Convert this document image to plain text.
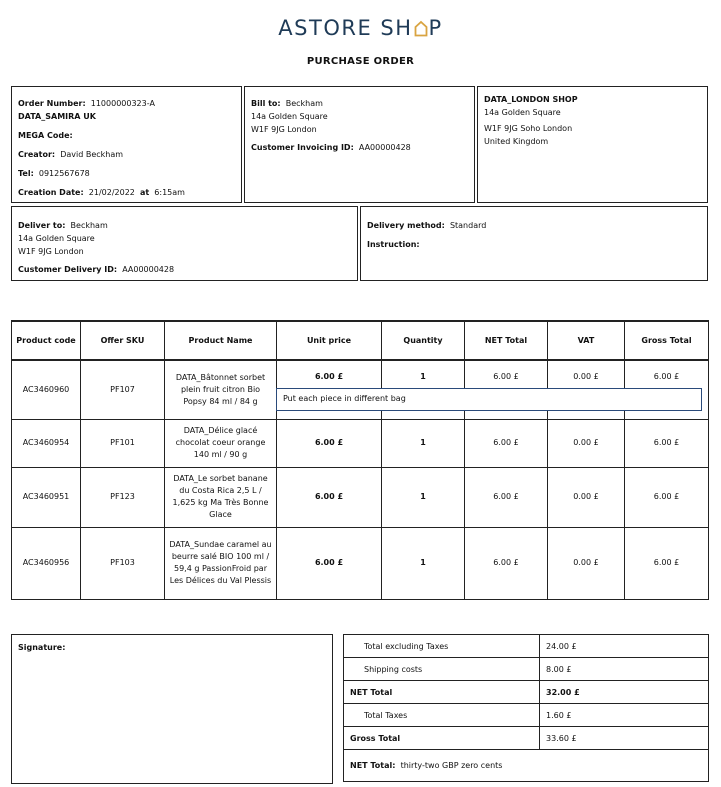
ASTORE SH P
PURCHASE ORDER
Order Number: 11000000323-A
DATA_SAMIRA UK
MEGA Code:
Creator: David Beckham
Tel: 0912567678
Creation Date: 21/02/2022 at 6:15am
Bill to: Beckham
14a Golden Square
W1F 9JG London
Customer Invoicing ID: AA00000428
DATA_LONDON SHOP
14a Golden Square
W1F 9JG Soho London
United Kingdom
Deliver to: Beckham
14a Golden Square
W1F 9JG London
Customer Delivery ID: AA00000428
Delivery method: Standard
Instruction:
Product code	Offer SKU	Product Name	Unit price	Quantity	NET Total	VAT	Gross Total
AC3460960	PF107	DATA_Bâtonnet sorbet plein fruit citron Bio Popsy 84 ml / 84 g	6.00 £	1	6.00 £	0.00 £	6.00 £
AC3460954	PF101	DATA_Délice glacé chocolat coeur orange 140 ml / 90 g	6.00 £	1	6.00 £	0.00 £	6.00 £
AC3460951	PF123	DATA_Le sorbet banane du Costa Rica 2,5 L / 1,625 kg Ma Très Bonne Glace	6.00 £	1	6.00 £	0.00 £	6.00 £
AC3460956	PF103	DATA_Sundae caramel au beurre salé BIO 100 ml / 59,4 g PassionFroid par Les Délices du Val Plessis	6.00 £	1	6.00 £	0.00 £	6.00 £
Put each piece in different bag
Signature:	Total excluding Taxes	24.00 £
Shipping costs	8.00 £
NET Total	32.00 £
Total Taxes	1.60 £
Gross Total	33.60 £
NET Total: thirty-two GBP zero cents	
